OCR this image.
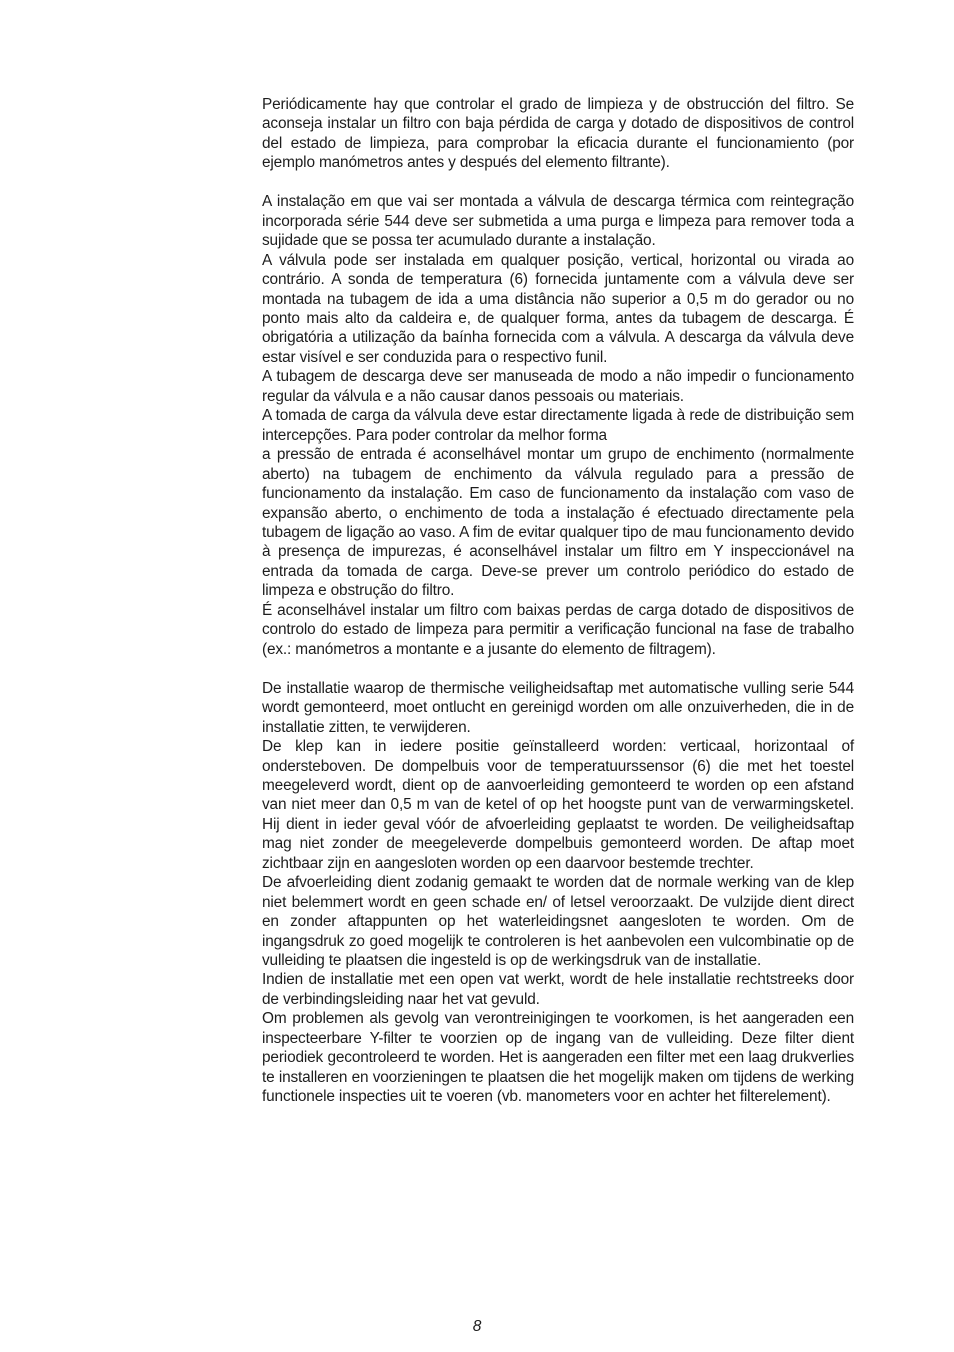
Periódicamente hay que controlar el grado de limpieza y de obstrucción del filtro. Se aconseja instalar un filtro con baja pérdida de carga y dotado de dispositivos de control del estado de limpieza, para comprobar la eficacia durante el funcionamiento (por ejemplo manómetros antes y después del elemento filtrante).

A instalação em que vai ser montada a válvula de descarga térmica com reintegração incorporada série 544 deve ser submetida a uma purga e limpeza para remover toda a sujidade que se possa ter acumulado durante a instalação.

A válvula pode ser instalada em qualquer posição, vertical, horizontal ou virada ao contrário. A sonda de temperatura (6) fornecida juntamente com a válvula deve ser montada na tubagem de ida a uma distância não superior a 0,5 m do gerador ou no ponto mais alto da caldeira e, de qualquer forma, antes da tubagem de descarga. É obrigatória a utilização da baínha fornecida com a válvula. A descarga da válvula deve estar visível e ser conduzida para o respectivo funil.

A tubagem de descarga deve ser manuseada de modo a não impedir o funcionamento regular da válvula e a não causar danos pessoais ou materiais.

A tomada de carga da válvula deve estar directamente ligada à rede de distribuição sem intercepções. Para poder controlar da melhor forma

a pressão de entrada é aconselhável montar um grupo de enchimento (normalmente aberto) na tubagem de enchimento da válvula regulado para a pressão de funcionamento da instalação. Em caso de funcionamento da instalação com vaso de expansão aberto, o enchimento de toda a instalação é efectuado directamente pela tubagem de ligação ao vaso. A fim de evitar qualquer tipo de mau funcionamento devido à presença de impurezas, é aconselhável instalar um filtro em Y inspeccionável na entrada da tomada de carga. Deve-se prever um controlo periódico do estado de limpeza e obstrução do filtro.

É aconselhável instalar um filtro com baixas perdas de carga dotado de dispositivos de controlo do estado de limpeza para permitir a verificação funcional na fase de trabalho (ex.: manómetros a montante e a jusante do elemento de filtragem).

De installatie waarop de thermische veiligheidsaftap met automatische vulling serie 544 wordt gemonteerd, moet ontlucht en gereinigd worden om alle onzuiverheden, die in de installatie zitten, te verwijderen.

De klep kan in iedere positie geïnstalleerd worden: verticaal, horizontaal of ondersteboven. De dompelbuis voor de temperatuurssensor (6) die met het toestel meegeleverd wordt, dient op de aanvoerleiding gemonteerd te worden op een afstand van niet meer dan 0,5 m van de ketel of op het hoogste punt van de verwarmingsketel. Hij dient in ieder geval vóór de afvoerleiding geplaatst te worden. De veiligheidsaftap mag niet zonder de meegeleverde dompelbuis gemonteerd worden. De aftap moet zichtbaar zijn en aangesloten worden op een daarvoor bestemde trechter.

De afvoerleiding dient zodanig gemaakt te worden dat de normale werking van de klep niet belemmert wordt en geen schade en/ of letsel veroorzaakt. De vulzijde dient direct en zonder aftappunten op het waterleidingsnet aangesloten te worden. Om de ingangsdruk zo goed mogelijk te controleren is het aanbevolen een vulcombinatie op de vulleiding te plaatsen die ingesteld is op de werkingsdruk van de installatie.

Indien de installatie met een open vat werkt, wordt de hele installatie rechtstreeks door de verbindingsleiding naar het vat gevuld.

Om problemen als gevolg van verontreinigingen te voorkomen, is het aangeraden een inspecteerbare Y-filter te voorzien op de ingang van de vulleiding. Deze filter dient periodiek gecontroleerd te worden. Het is aangeraden een filter met een laag drukverlies te installeren en voorzieningen te plaatsen die het mogelijk maken om tijdens de werking functionele inspecties uit te voeren (vb. manometers voor en achter het filterelement).

8
